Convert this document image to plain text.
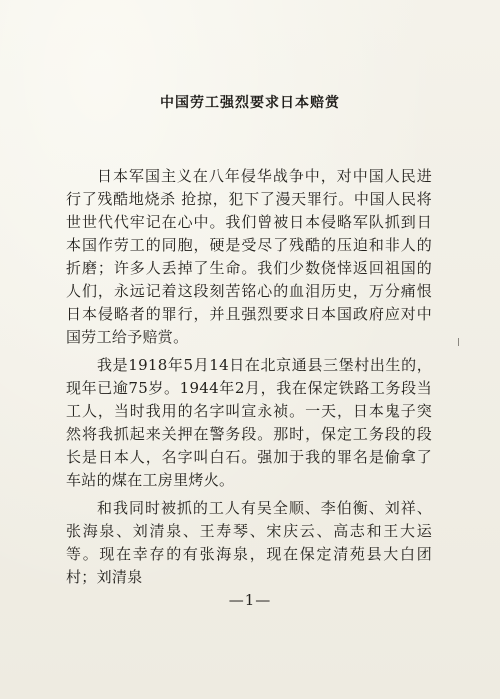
中国劳工强烈要求日本赔赏

日本军国主义在八年侵华战争中，对中国人民进行了残酷地烧杀 抢掠，犯下了漫天罪行。中国人民将世世代代牢记在心中。我们曾被日本侵略军队抓到日本国作劳工的同胞，硬是受尽了残酷的压迫和非人的折磨；许多人丢掉了生命。我们少数侥悻返回祖国的人们，永远记着这段刻苦铭心的血泪历史，万分痛恨日本侵略者的罪行，并且强烈要求日本国政府应对中国劳工给予赔赏。

我是1918年5月14日在北京通县三堡村出生的，现年已逾75岁。1944年2月，我在保定铁路工务段当工人，当时我用的名字叫宣永祯。一天，日本鬼子突然将我抓起来关押在警务段。那时，保定工务段的段长是日本人，名字叫白石。强加于我的罪名是偷拿了车站的煤在工房里烤火。

和我同时被抓的工人有吴全顺、李伯衡、刘祥、张海泉、刘清泉、王寿琴、宋庆云、高志和王大运等。现在幸存的有张海泉，现在保定清苑县大白团村；刘清泉

—1—
